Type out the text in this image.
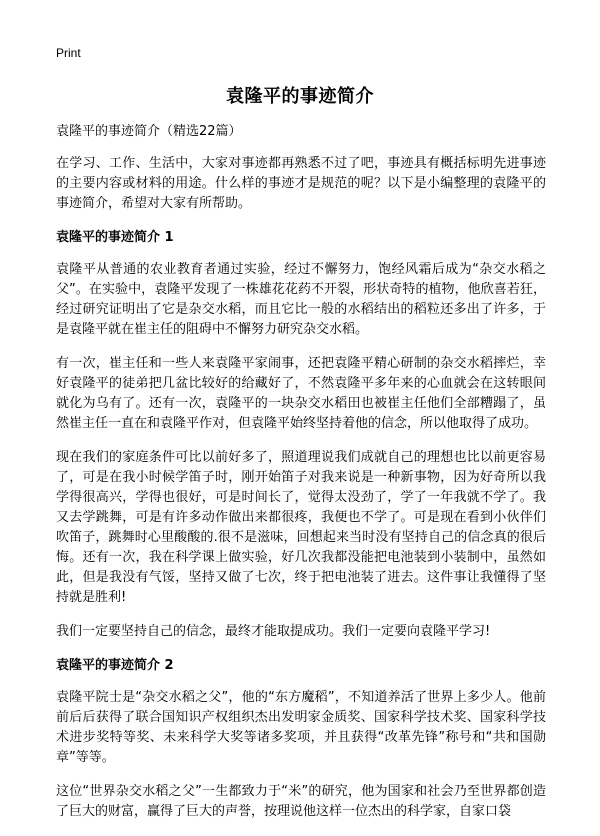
Print
袁隆平的事迹简介

袁隆平的事迹简介（精选22篇）

在学习、工作、生活中，大家对事迹都再熟悉不过了吧，事迹具有概括标明先进事迹的主要内容或材料的用途。什么样的事迹才是规范的呢？以下是小编整理的袁隆平的事迹简介，希望对大家有所帮助。

袁隆平的事迹简介 1

袁隆平从普通的农业教育者通过实验，经过不懈努力，饱经风霜后成为“杂交水稻之父”。在实验中，袁隆平发现了一株雄花花药不开裂，形状奇特的植物，他欣喜若狂，经过研究证明出了它是杂交水稻，而且它比一般的水稻结出的稻粒还多出了许多，于是袁隆平就在崔主任的阻碍中不懈努力研究杂交水稻。

有一次，崔主任和一些人来袁隆平家闹事，还把袁隆平精心研制的杂交水稻摔烂，幸好袁隆平的徒弟把几盆比较好的给藏好了，不然袁隆平多年来的心血就会在这转眼间就化为乌有了。还有一次，袁隆平的一块杂交水稻田也被崔主任他们全部糟蹋了，虽然崔主任一直在和袁隆平作对，但袁隆平始终坚持着他的信念，所以他取得了成功。

现在我们的家庭条件可比以前好多了，照道理说我们成就自己的理想也比以前更容易了，可是在我小时候学笛子时，刚开始笛子对我来说是一种新事物，因为好奇所以我学得很高兴，学得也很好，可是时间长了，觉得太没劲了，学了一年我就不学了。我又去学跳舞，可是有许多动作做出来都很疼，我便也不学了。可是现在看到小伙伴们吹笛子，跳舞时心里酸酸的.很不是滋味，回想起来当时没有坚持自己的信念真的很后悔。还有一次，我在科学课上做实验，好几次我都没能把电池装到小装制中，虽然如此，但是我没有气馁，坚持又做了七次，终于把电池装了进去。这件事让我懂得了坚持就是胜利!

我们一定要坚持自己的信念，最终才能取提成功。我们一定要向袁隆平学习!

袁隆平的事迹简介 2

袁隆平院士是“杂交水稻之父”，他的“东方魔稻”，不知道养活了世界上多少人。他前前后后获得了联合国知识产权组织杰出发明家金质奖、国家科学技术奖、国家科学技术进步奖特等奖、未来科学大奖等诸多奖项，并且获得“改革先锋”称号和“共和国勋章”等等。

这位“世界杂交水稻之父”一生都致力于“米”的研究，他为国家和社会乃至世界都创造了巨大的财富，赢得了巨大的声誉，按理说他这样一位杰出的科学家，自家口袋
